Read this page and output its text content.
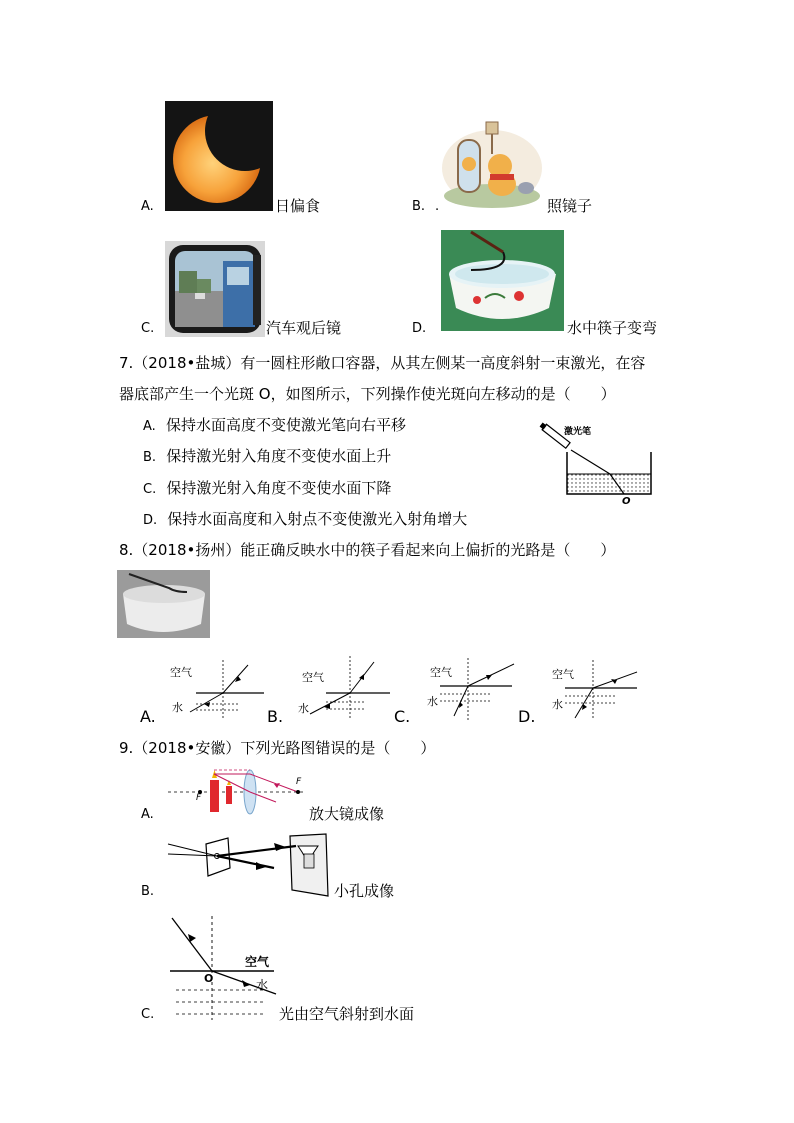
A.	日偏食	B. .	照镜子
C.	汽车观后镜	D.	水中筷子变弯
7.（2018•盐城）有一圆柱形敞口容器，从其左侧某一高度斜射一束激光，在容
器底部产生一个光斑 O，如图所示，下列操作使光斑向左移动的是（　　）
A. 保持水面高度不变使激光笔向右平移
B. 保持激光射入角度不变使水面上升
C. 保持激光射入角度不变使水面下降
D. 保持水面高度和入射点不变使激光入射角增大
激光笔
O
8.（2018•扬州）能正确反映水中的筷子看起来向上偏折的光路是（　　）
A.
空气
水	B.
空气
水	C.
空气
水
D.
空气
水
9.（2018•安徽）下列光路图错误的是（　　）
A.
F
F
放大镜成像
B.	小孔成像
C.
空气
水
O
光由空气斜射到水面
